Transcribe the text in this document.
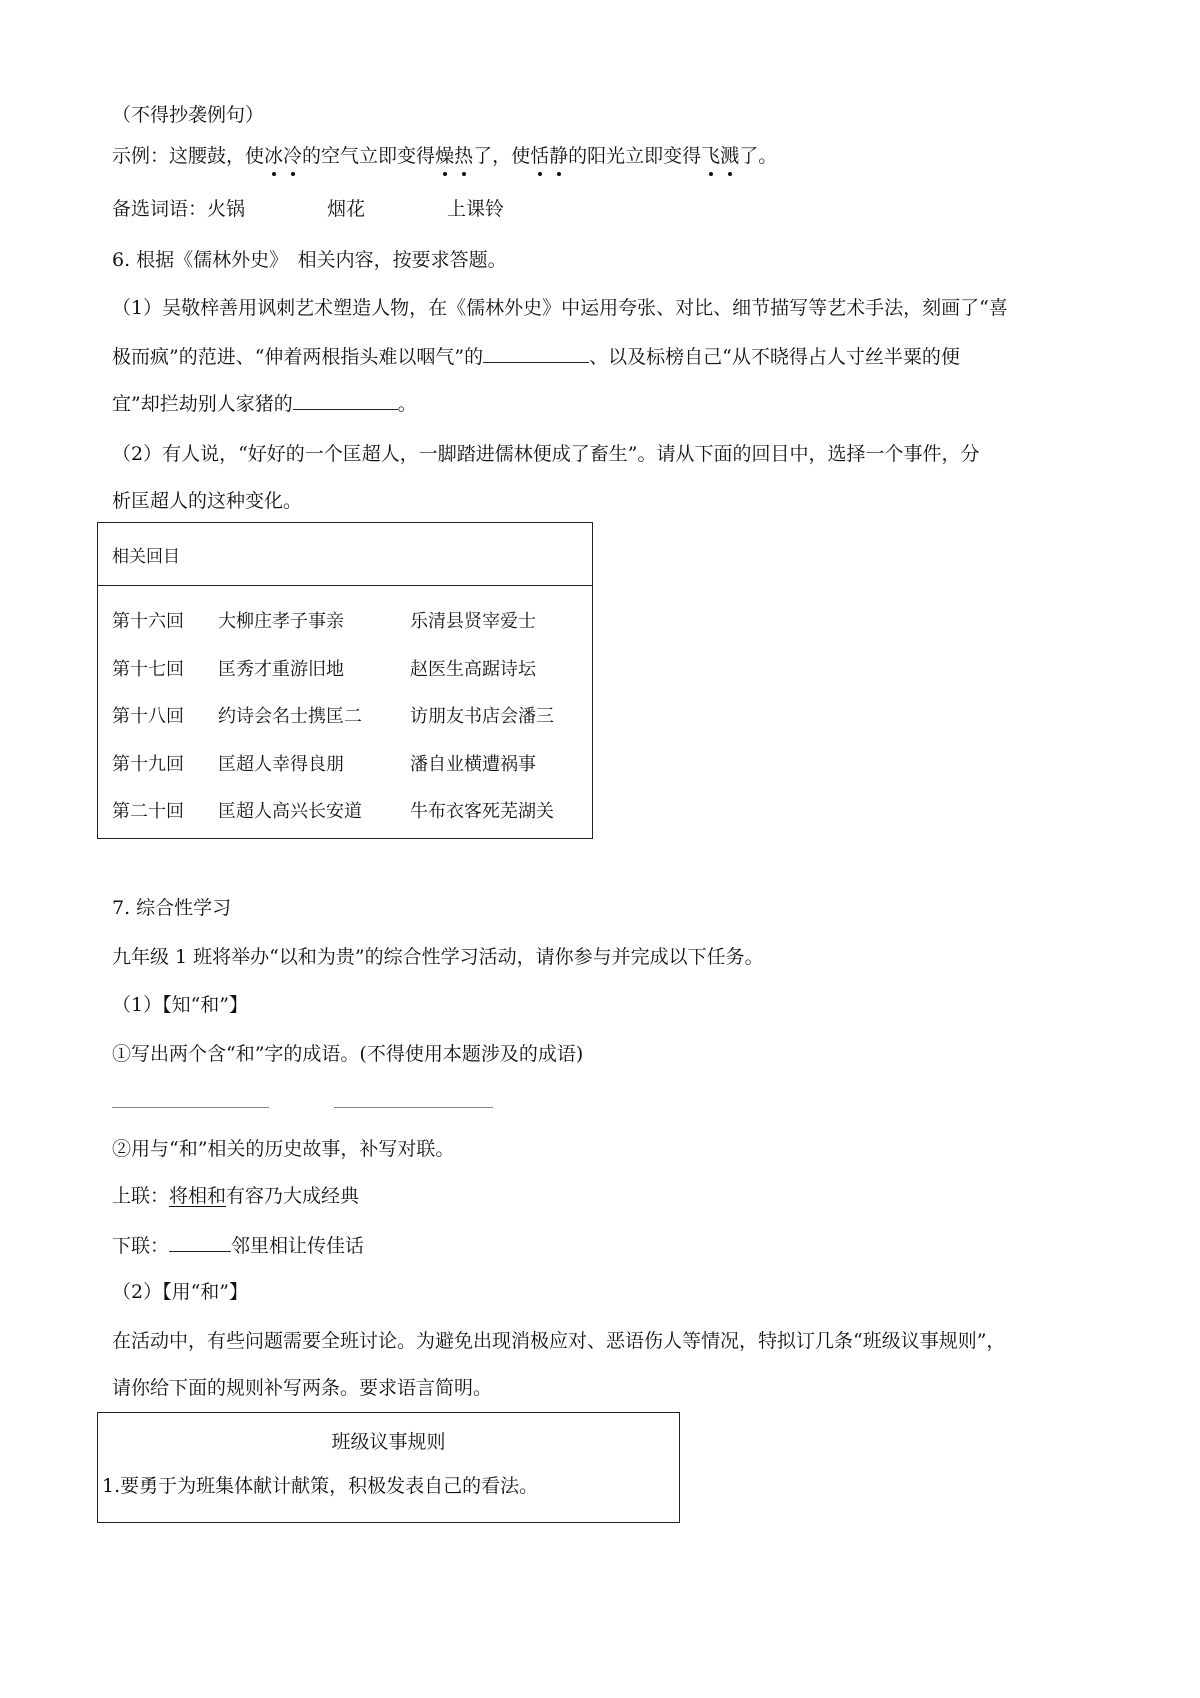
（不得抄袭例句）
示例：这腰鼓，使冰冷的空气立即变得燥热了，使恬静的阳光立即变得飞溅了。
备选词语：火锅	烟花	上课铃
6. 根据《儒林外史》　相关内容，按要求答题。
（1）吴敬梓善用讽刺艺术塑造人物，在《儒林外史》中运用夸张、对比、细节描写等艺术手法，刻画了“喜
极而疯”的范进、“伸着两根指头难以咽气”的	、以及标榜自己“从不晓得占人寸丝半粟的便
宜”却拦劫别人家猪的	。
（2）有人说，“好好的一个匡超人，一脚踏进儒林便成了畜生”。请从下面的回目中，选择一个事件，分
析匡超人的这种变化。
相关回目

第十六回 大柳庄孝子事亲	乐清县贤宰爱士
第十七回 匡秀才重游旧地	赵医生高踞诗坛
第十八回 约诗会名士携匡二	访朋友书店会潘三
第十九回 匡超人幸得良朋	潘自业横遭祸事
第二十回 匡超人高兴长安道	牛布衣客死芜湖关
7. 综合性学习
九年级 1 班将举办“以和为贵”的综合性学习活动，请你参与并完成以下任务。
（1）【知“和”】
①写出两个含“和”字的成语。(不得使用本题涉及的成语)
②用与“和”相关的历史故事，补写对联。
上联：将相和有容乃大成经典
下联：	邻里相让传佳话
（2）【用“和”】
在活动中，有些问题需要全班讨论。为避免出现消极应对、恶语伤人等情况，特拟订几条“班级议事规则”，
请你给下面的规则补写两条。要求语言简明。
班级议事规则
1.要勇于为班集体献计献策，积极发表自己的看法。
